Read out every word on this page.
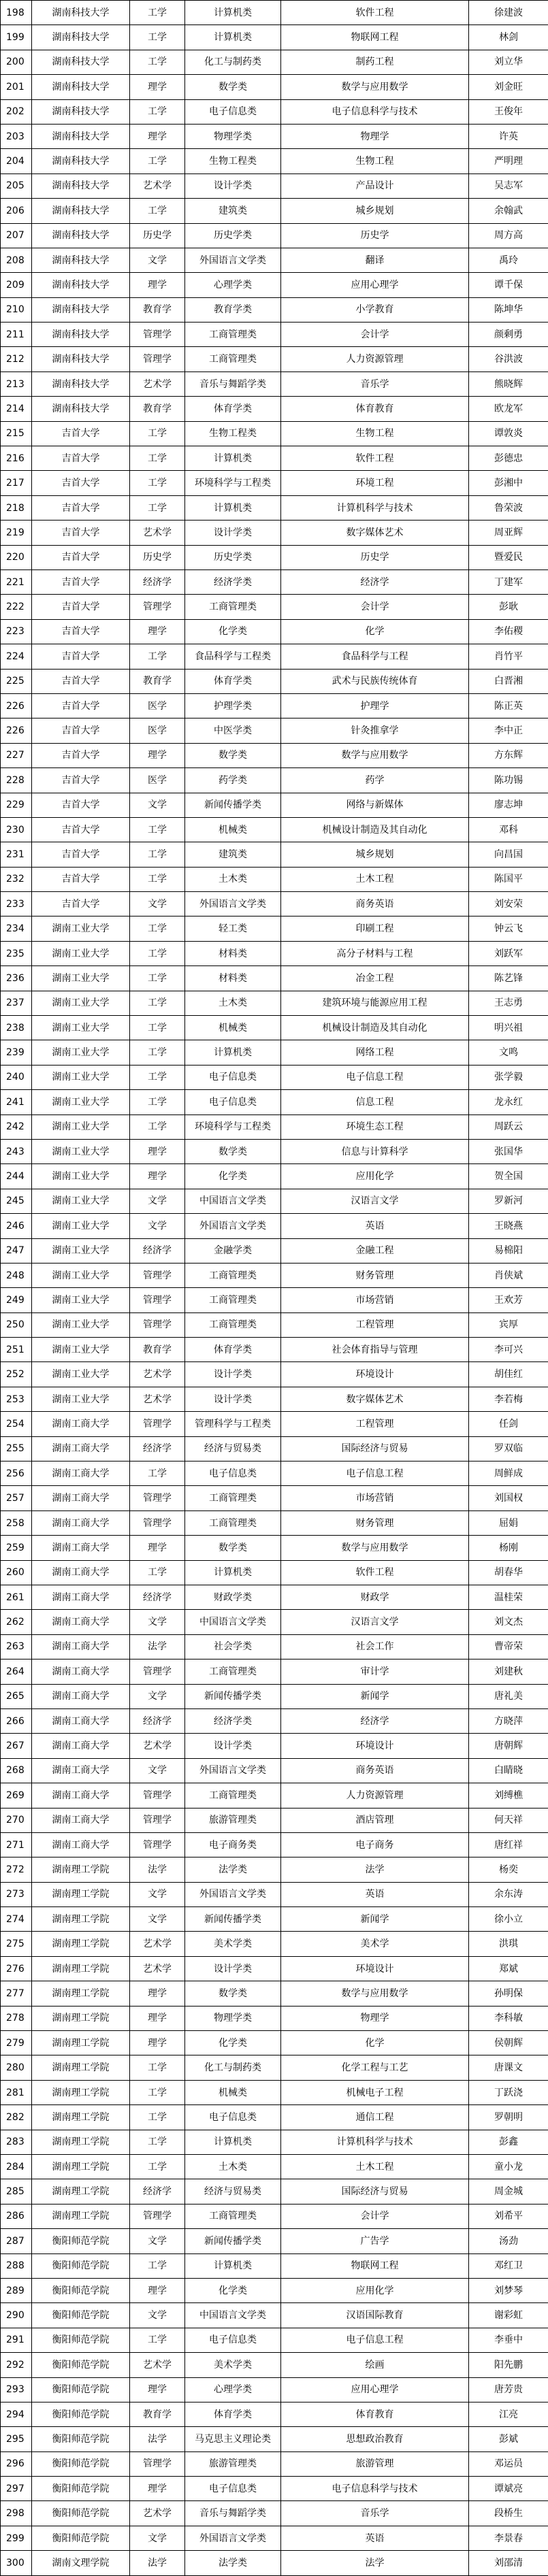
198	湖南科技大学	工学	计算机类	软件工程	徐建波
199	湖南科技大学	工学	计算机类	物联网工程	林剑
200	湖南科技大学	工学	化工与制药类	制药工程	刘立华
201	湖南科技大学	理学	数学类	数学与应用数学	刘金旺
202	湖南科技大学	工学	电子信息类	电子信息科学与技术	王俊年
203	湖南科技大学	理学	物理学类	物理学	许英
204	湖南科技大学	工学	生物工程类	生物工程	严明理
205	湖南科技大学	艺术学	设计学类	产品设计	吴志军
206	湖南科技大学	工学	建筑类	城乡规划	余翰武
207	湖南科技大学	历史学	历史学类	历史学	周方高
208	湖南科技大学	文学	外国语言文学类	翻译	禹玲
209	湖南科技大学	理学	心理学类	应用心理学	谭千保
210	湖南科技大学	教育学	教育学类	小学教育	陈坤华
211	湖南科技大学	管理学	工商管理类	会计学	颜剩勇
212	湖南科技大学	管理学	工商管理类	人力资源管理	谷洪波
213	湖南科技大学	艺术学	音乐与舞蹈学类	音乐学	熊晓辉
214	湖南科技大学	教育学	体育学类	体育教育	欧龙军
215	吉首大学	工学	生物工程类	生物工程	谭敦炎
216	吉首大学	工学	计算机类	软件工程	彭德忠
217	吉首大学	工学	环境科学与工程类	环境工程	彭湘中
218	吉首大学	工学	计算机类	计算机科学与技术	鲁荣波
219	吉首大学	艺术学	设计学类	数字媒体艺术	周亚辉
220	吉首大学	历史学	历史学类	历史学	暨爱民
221	吉首大学	经济学	经济学类	经济学	丁建军
222	吉首大学	管理学	工商管理类	会计学	彭耿
223	吉首大学	理学	化学类	化学	李佑稷
224	吉首大学	工学	食品科学与工程类	食品科学与工程	肖竹平
225	吉首大学	教育学	体育学类	武术与民族传统体育	白晋湘
226	吉首大学	医学	护理学类	护理学	陈正英
226	吉首大学	医学	中医学类	针灸推拿学	李中正
227	吉首大学	理学	数学类	数学与应用数学	方东辉
228	吉首大学	医学	药学类	药学	陈功锡
229	吉首大学	文学	新闻传播学类	网络与新媒体	廖志坤
230	吉首大学	工学	机械类	机械设计制造及其自动化	邓科
231	吉首大学	工学	建筑类	城乡规划	向昌国
232	吉首大学	工学	土木类	土木工程	陈国平
233	吉首大学	文学	外国语言文学类	商务英语	刘安荣
234	湖南工业大学	工学	轻工类	印刷工程	钟云飞
235	湖南工业大学	工学	材料类	高分子材料与工程	刘跃军
236	湖南工业大学	工学	材料类	冶金工程	陈艺锋
237	湖南工业大学	工学	土木类	建筑环境与能源应用工程	王志勇
238	湖南工业大学	工学	机械类	机械设计制造及其自动化	明兴祖
239	湖南工业大学	工学	计算机类	网络工程	文鸣
240	湖南工业大学	工学	电子信息类	电子信息工程	张学毅
241	湖南工业大学	工学	电子信息类	信息工程	龙永红
242	湖南工业大学	工学	环境科学与工程类	环境生态工程	周跃云
243	湖南工业大学	理学	数学类	信息与计算科学	张国华
244	湖南工业大学	理学	化学类	应用化学	贺全国
245	湖南工业大学	文学	中国语言文学类	汉语言文学	罗新河
246	湖南工业大学	文学	外国语言文学类	英语	王晓燕
247	湖南工业大学	经济学	金融学类	金融工程	易棉阳
248	湖南工业大学	管理学	工商管理类	财务管理	肖侠斌
249	湖南工业大学	管理学	工商管理类	市场营销	王欢芳
250	湖南工业大学	管理学	工商管理类	工程管理	宾厚
251	湖南工业大学	教育学	体育学类	社会体育指导与管理	李可兴
252	湖南工业大学	艺术学	设计学类	环境设计	胡佳红
253	湖南工业大学	艺术学	设计学类	数字媒体艺术	李若梅
254	湖南工商大学	管理学	管理科学与工程类	工程管理	任剑
255	湖南工商大学	经济学	经济与贸易类	国际经济与贸易	罗双临
256	湖南工商大学	工学	电子信息类	电子信息工程	周鲜成
257	湖南工商大学	管理学	工商管理类	市场营销	刘国权
258	湖南工商大学	管理学	工商管理类	财务管理	屈娟
259	湖南工商大学	理学	数学类	数学与应用数学	杨刚
260	湖南工商大学	工学	计算机类	软件工程	胡春华
261	湖南工商大学	经济学	财政学类	财政学	温桂荣
262	湖南工商大学	文学	中国语言文学类	汉语言文学	刘文杰
263	湖南工商大学	法学	社会学类	社会工作	曹帝荣
264	湖南工商大学	管理学	工商管理类	审计学	刘建秋
265	湖南工商大学	文学	新闻传播学类	新闻学	唐礼美
266	湖南工商大学	经济学	经济学类	经济学	方晓萍
267	湖南工商大学	艺术学	设计学类	环境设计	唐朝辉
268	湖南工商大学	文学	外国语言文学类	商务英语	白睛晓
269	湖南工商大学	管理学	工商管理类	人力资源管理	刘缚樵
270	湖南工商大学	管理学	旅游管理类	酒店管理	何天祥
271	湖南工商大学	管理学	电子商务类	电子商务	唐红祥
272	湖南理工学院	法学	法学类	法学	杨奕
273	湖南理工学院	文学	外国语言文学类	英语	余东涛
274	湖南理工学院	文学	新闻传播学类	新闻学	徐小立
275	湖南理工学院	艺术学	美术学类	美术学	洪琪
276	湖南理工学院	艺术学	设计学类	环境设计	郑斌
277	湖南理工学院	理学	数学类	数学与应用数学	孙明保
278	湖南理工学院	理学	物理学类	物理学	李科敏
279	湖南理工学院	理学	化学类	化学	侯朝辉
280	湖南理工学院	工学	化工与制药类	化学工程与工艺	唐课文
281	湖南理工学院	工学	机械类	机械电子工程	丁跃浇
282	湖南理工学院	工学	电子信息类	通信工程	罗朝明
283	湖南理工学院	工学	计算机类	计算机科学与技术	彭鑫
284	湖南理工学院	工学	土木类	土木工程	童小龙
285	湖南理工学院	经济学	经济与贸易类	国际经济与贸易	周金城
286	湖南理工学院	管理学	工商管理类	会计学	刘希平
287	衡阳师范学院	文学	新闻传播学类	广告学	汤劲
288	衡阳师范学院	工学	计算机类	物联网工程	邓红卫
289	衡阳师范学院	理学	化学类	应用化学	刘梦琴
290	衡阳师范学院	文学	中国语言文学类	汉语国际教育	谢彩虹
291	衡阳师范学院	工学	电子信息类	电子信息工程	李垂中
292	衡阳师范学院	艺术学	美术学类	绘画	阳先鹏
293	衡阳师范学院	理学	心理学类	应用心理学	唐芳贵
294	衡阳师范学院	教育学	体育学类	体育教育	江亮
295	衡阳师范学院	法学	马克思主义理论类	思想政治教育	彭斌
296	衡阳师范学院	管理学	旅游管理类	旅游管理	邓运员
297	衡阳师范学院	理学	电子信息类	电子信息科学与技术	谭斌亮
298	衡阳师范学院	艺术学	音乐与舞蹈学类	音乐学	段桥生
299	衡阳师范学院	文学	外国语言文学类	英语	李景春
300	湖南文理学院	法学	法学类	法学	刘邵清
